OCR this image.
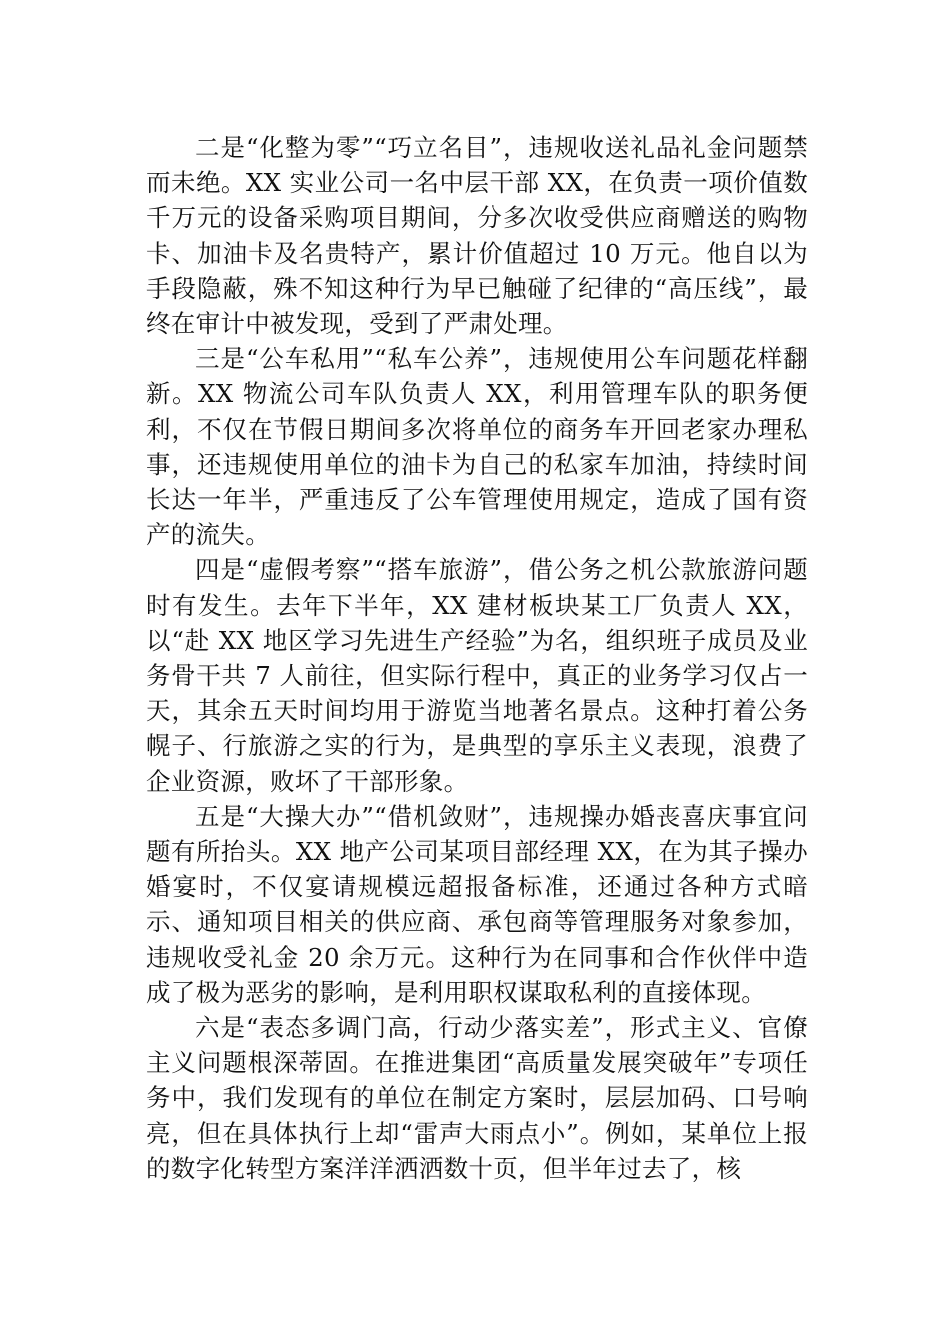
二是“化整为零”“巧立名目”，违规收送礼品礼金问题禁而未绝。XX 实业公司一名中层干部 XX，在负责一项价值数千万元的设备采购项目期间，分多次收受供应商赠送的购物卡、加油卡及名贵特产，累计价值超过 10 万元。他自以为手段隐蔽，殊不知这种行为早已触碰了纪律的“高压线”，最终在审计中被发现，受到了严肃处理。

三是“公车私用”“私车公养”，违规使用公车问题花样翻新。XX 物流公司车队负责人 XX，利用管理车队的职务便利，不仅在节假日期间多次将单位的商务车开回老家办理私事，还违规使用单位的油卡为自己的私家车加油，持续时间长达一年半，严重违反了公车管理使用规定，造成了国有资产的流失。

四是“虚假考察”“搭车旅游”，借公务之机公款旅游问题时有发生。去年下半年，XX 建材板块某工厂负责人 XX，以“赴 XX 地区学习先进生产经验”为名，组织班子成员及业务骨干共 7 人前往，但实际行程中，真正的业务学习仅占一天，其余五天时间均用于游览当地著名景点。这种打着公务幌子、行旅游之实的行为，是典型的享乐主义表现，浪费了企业资源，败坏了干部形象。

五是“大操大办”“借机敛财”，违规操办婚丧喜庆事宜问题有所抬头。XX 地产公司某项目部经理 XX，在为其子操办婚宴时，不仅宴请规模远超报备标准，还通过各种方式暗示、通知项目相关的供应商、承包商等管理服务对象参加，违规收受礼金 20 余万元。这种行为在同事和合作伙伴中造成了极为恶劣的影响，是利用职权谋取私利的直接体现。

六是“表态多调门高，行动少落实差”，形式主义、官僚主义问题根深蒂固。在推进集团“高质量发展突破年”专项任务中，我们发现有的单位在制定方案时，层层加码、口号响亮，但在具体执行上却“雷声大雨点小”。例如，某单位上报的数字化转型方案洋洋洒洒数十页，但半年过去了，核
